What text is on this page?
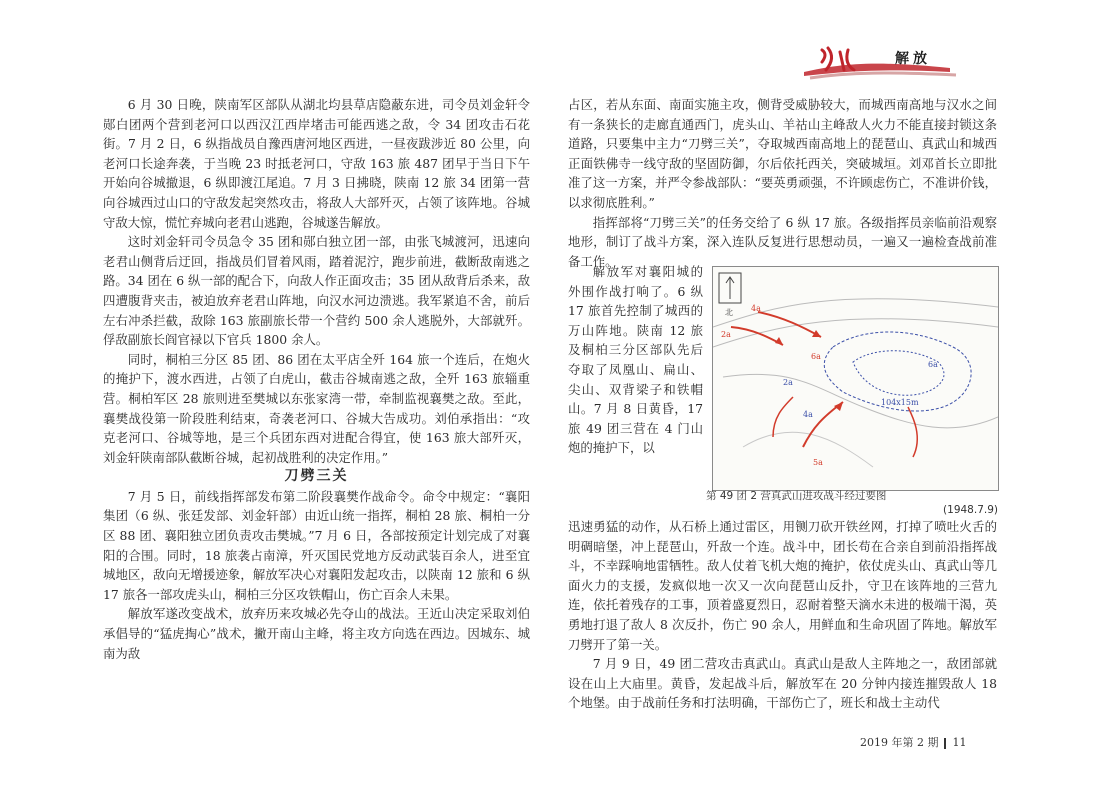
解放

6 月 30 日晚，陕南军区部队从湖北均县草店隐蔽东进，司令员刘金轩令郧白团两个营到老河口以西汉江西岸堵击可能西逃之敌，令 34 团攻击石花街。7 月 2 日，6 纵指战员自豫西唐河地区西进，一昼夜跋涉近 80 公里，向老河口长途奔袭，于当晚 23 时抵老河口，守敌 163 旅 487 团早于当日下午开始向谷城撤退，6 纵即渡江尾追。7 月 3 日拂晓，陕南 12 旅 34 团第一营向谷城西过山口的守敌发起突然攻击，将敌人大部歼灭，占领了该阵地。谷城守敌大惊，慌忙弃城向老君山逃跑，谷城遂告解放。

这时刘金轩司令员急令 35 团和郧白独立团一部，由张飞城渡河，迅速向老君山侧背后迂回，指战员们冒着风雨，踏着泥泞，跑步前进，截断敌南逃之路。34 团在 6 纵一部的配合下，向敌人作正面攻击；35 团从敌背后杀来，敌四遭腹背夹击，被迫放弃老君山阵地，向汉水河边溃逃。我军紧追不舍，前后左右冲杀拦截，敌除 163 旅副旅长带一个营约 500 余人逃脱外，大部就歼。俘敌副旅长阎官禄以下官兵 1800 余人。

同时，桐柏三分区 85 团、86 团在太平店全歼 164 旅一个连后，在炮火的掩护下，渡水西进，占领了白虎山，截击谷城南逃之敌，全歼 163 旅辎重营。桐柏军区 28 旅则进至樊城以东张家湾一带，牵制监视襄樊之敌。至此，襄樊战役第一阶段胜利结束，奇袭老河口、谷城大告成功。刘伯承指出：“攻克老河口、谷城等地，是三个兵团东西对进配合得宜，使 163 旅大部歼灭，刘金轩陕南部队截断谷城，起初战胜利的决定作用。”

刀劈三关

7 月 5 日，前线指挥部发布第二阶段襄樊作战命令。命令中规定：“襄阳集团（6 纵、张廷发部、刘金轩部）由近山统一指挥，桐柏 28 旅、桐柏一分区 88 团、襄阳独立团负责攻击樊城。”7 月 6 日，各部按预定计划完成了对襄阳的合围。同时，18 旅袭占南漳，歼灭国民党地方反动武装百余人，进至宜城地区，敌向无增援迹象，解放军决心对襄阳发起攻击，以陕南 12 旅和 6 纵 17 旅各一部攻虎头山，桐柏三分区攻铁帽山，伤亡百余人未果。

解放军遂改变战术，放弃历来攻城必先夺山的战法。王近山决定采取刘伯承倡导的“猛虎掏心”战术，撇开南山主峰，将主攻方向选在西边。因城东、城南为敌

占区，若从东面、南面实施主攻，侧背受威胁较大，而城西南高地与汉水之间有一条狭长的走廊直通西门，虎头山、羊祜山主峰敌人火力不能直接封锁这条道路，只要集中主力“刀劈三关”，夺取城西南高地上的琵琶山、真武山和城西正面铁佛寺一线守敌的坚固防御，尔后依托西关，突破城垣。刘邓首长立即批准了这一方案，并严令参战部队：“要英勇顽强，不许顾虑伤亡，不准讲价钱，以求彻底胜利。”

指挥部将“刀劈三关”的任务交给了 6 纵 17 旅。各级指挥员亲临前沿观察地形，制订了战斗方案，深入连队反复进行思想动员，一遍又一遍检查战前准备工作。

解放军对襄阳城的外围作战打响了。6 纵 17 旅首先控制了城西的万山阵地。陕南 12 旅及桐柏三分区部队先后夺取了凤凰山、扁山、尖山、双背梁子和铁帽山。7 月 8 日黄昏，17 旅 49 团三营在 4 门山炮的掩护下，以

北 4a
2a
6a
5a
104x15m
4a
2a
6a
第 49 团 2 营真武山进攻战斗经过要图
(1948.7.9)

迅速勇猛的动作，从石桥上通过雷区，用铡刀砍开铁丝网，打掉了喷吐火舌的明碉暗堡，冲上琵琶山，歼敌一个连。战斗中，团长苟在合亲自到前沿指挥战斗，不幸踩响地雷牺牲。敌人仗着飞机大炮的掩护，依仗虎头山、真武山等几面火力的支援，发疯似地一次又一次向琵琶山反扑，守卫在该阵地的三营九连，依托着残存的工事，顶着盛夏烈日，忍耐着整天滴水未进的极端干渴，英勇地打退了敌人 8 次反扑，伤亡 90 余人，用鲜血和生命巩固了阵地。解放军刀劈开了第一关。

7 月 9 日，49 团二营攻击真武山。真武山是敌人主阵地之一，敌团部就设在山上大庙里。黄昏，发起战斗后，解放军在 20 分钟内接连摧毁敌人 18 个地堡。由于战前任务和打法明确，干部伤亡了，班长和战士主动代

2019 年第 2 期 11
